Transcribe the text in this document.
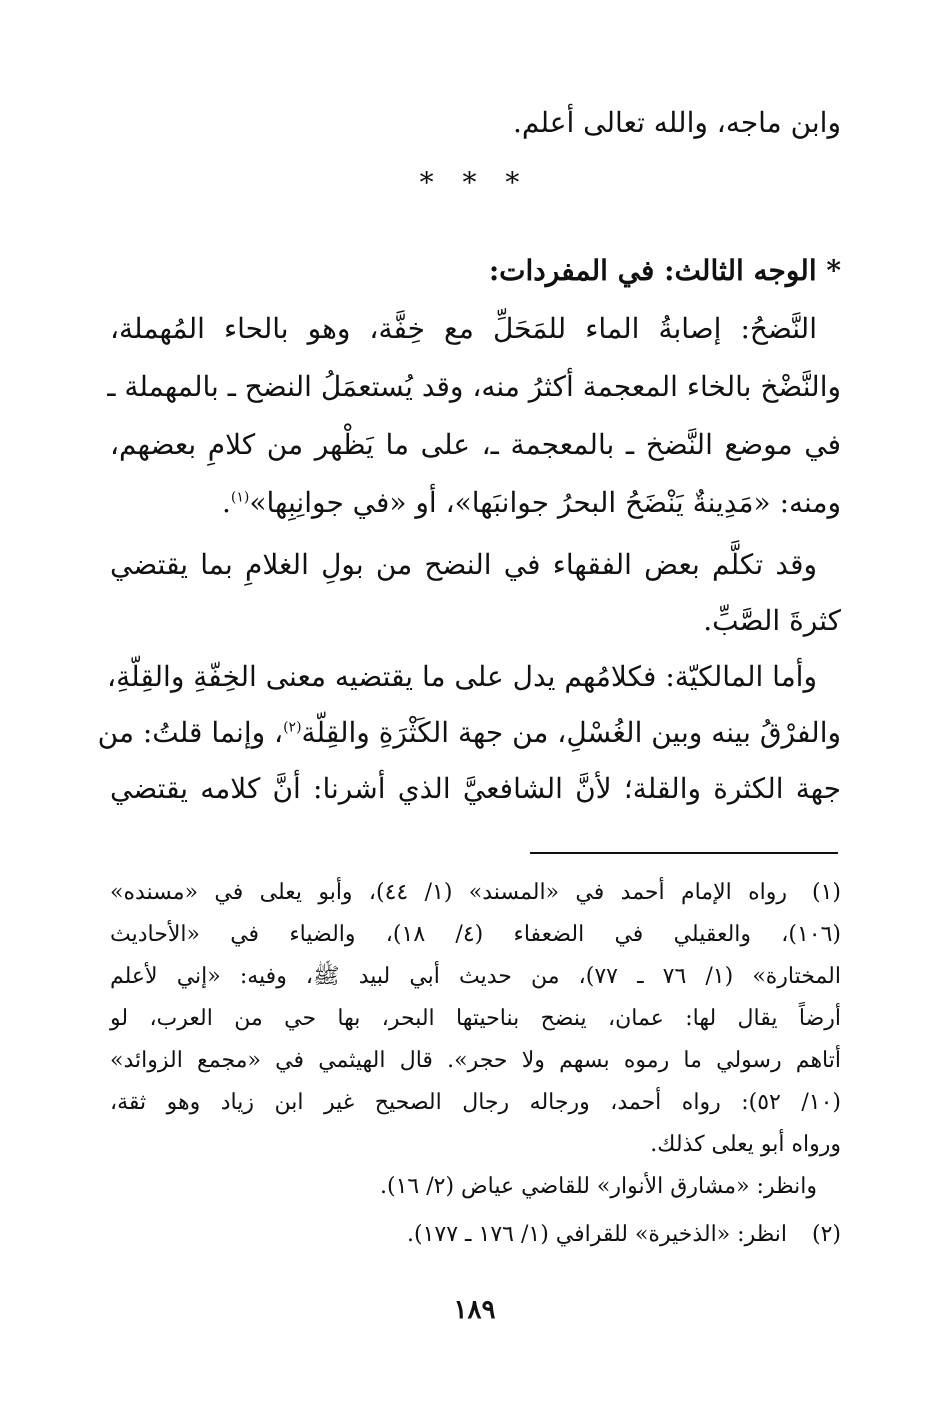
وابن ماجه، والله تعالى أعلم.
* * *
* الوجه الثالث: في المفردات:
النَّضحُ: إصابةُ الماء للمَحَلِّ مع خِفَّة، وهو بالحاء المُهملة،
والنَّضْخ بالخاء المعجمة أكثرُ منه، وقد يُستعمَلُ النضح ـ بالمهملة ـ
في موضع النَّضخ ـ بالمعجمة ـ، على ما يَظْهر من كلامِ بعضهم،
ومنه: «مَدِينةٌ يَنْضَحُ البحرُ جوانبَها»، أو «في جوانِبِها»$^{(١)}$.
وقد تكلَّم بعض الفقهاء في النضح من بولِ الغلامِ بما يقتضي
كثرةَ الصَّبِّ.
وأما المالكيّة: فكلامُهم يدل على ما يقتضيه معنى الخِفّةِ والقِلّةِ،
والفرْقُ بينه وبين الغُسْلِ، من جهة الكَثْرَةِ والقِلّة$^{(٢)}$، وإنما قلتُ: من
جهة الكثرة والقلة؛ لأنَّ الشافعيَّ الذي أشرنا: أنَّ كلامه يقتضي
(١)
رواه الإمام أحمد في «المسند» (١/ ٤٤)، وأبو يعلى في «مسنده»
(١٠٦)، والعقيلي في الضعفاء (٤/ ١٨)، والضياء في «الأحاديث
المختارة» (١/ ٧٦ ـ ٧٧)، من حديث أبي لبيد ﷺ، وفيه: «إني لأعلم
أرضاً يقال لها: عمان، ينضح بناحيتها البحر، بها حي من العرب، لو
أتاهم رسولي ما رموه بسهم ولا حجر». قال الهيثمي في «مجمع الزوائد»
(١٠/ ٥٢): رواه أحمد، ورجاله رجال الصحيح غير ابن زياد وهو ثقة،
ورواه أبو يعلى كذلك.
وانظر: «مشارق الأنوار» للقاضي عياض (٢/ ١٦).
(٢)
انظر: «الذخيرة» للقرافي (١/ ١٧٦ ـ ١٧٧).
١٨٩
